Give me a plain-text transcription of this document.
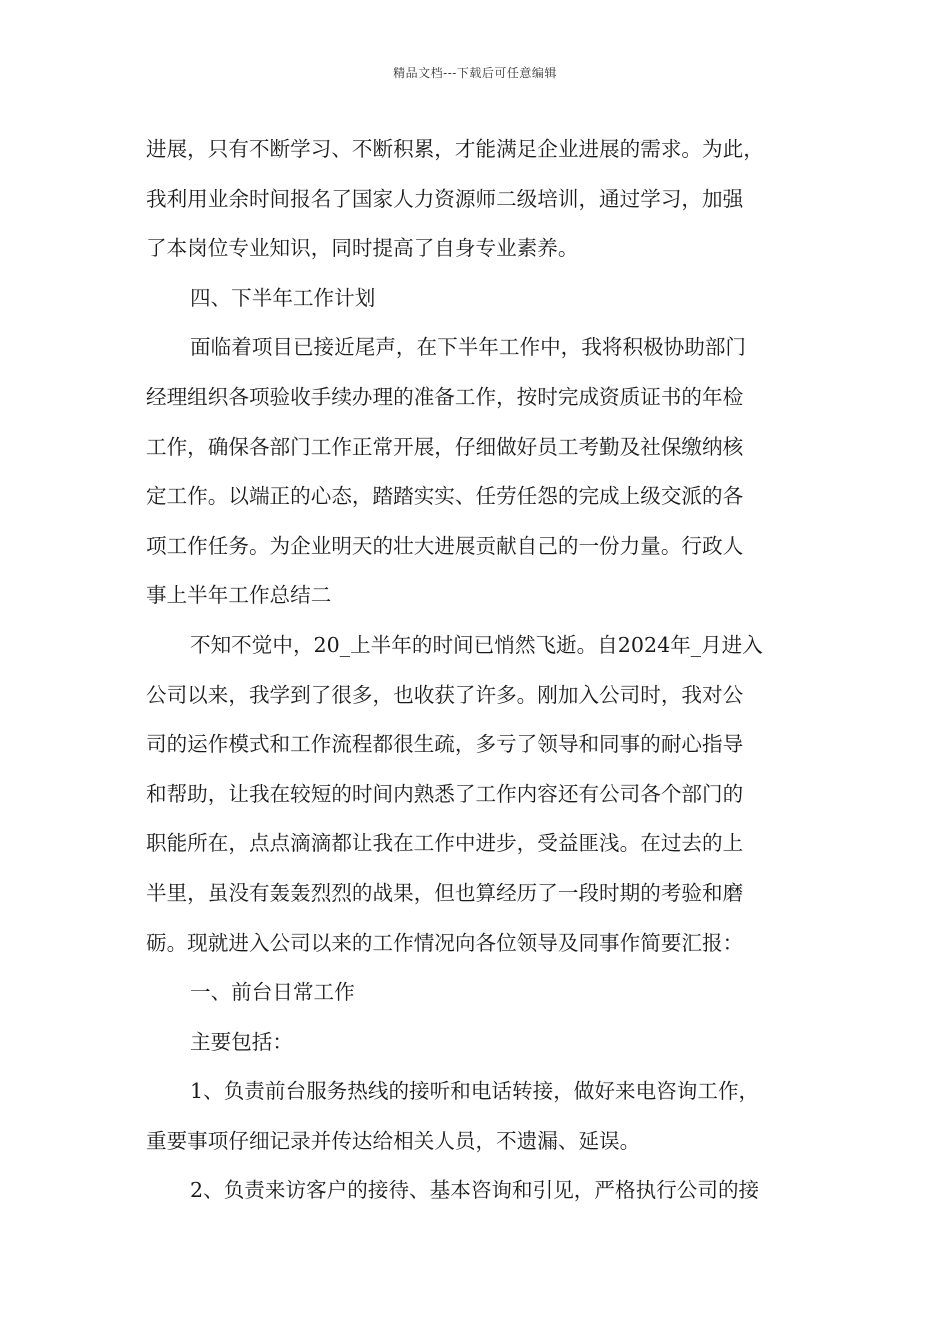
精品文档---下载后可任意编辑
进展，只有不断学习、不断积累，才能满足企业进展的需求。为此，
我利用业余时间报名了国家人力资源师二级培训，通过学习，加强
了本岗位专业知识，同时提高了自身专业素养。
四、下半年工作计划
面临着项目已接近尾声，在下半年工作中，我将积极协助部门
经理组织各项验收手续办理的准备工作，按时完成资质证书的年检
工作，确保各部门工作正常开展，仔细做好员工考勤及社保缴纳核
定工作。以端正的心态，踏踏实实、任劳任怨的完成上级交派的各
项工作任务。为企业明天的壮大进展贡献自己的一份力量。行政人
事上半年工作总结二
不知不觉中，20_上半年的时间已悄然飞逝。自2024年_月进入
公司以来，我学到了很多，也收获了许多。刚加入公司时，我对公
司的运作模式和工作流程都很生疏，多亏了领导和同事的耐心指导
和帮助，让我在较短的时间内熟悉了工作内容还有公司各个部门的
职能所在，点点滴滴都让我在工作中进步，受益匪浅。在过去的上
半里，虽没有轰轰烈烈的战果，但也算经历了一段时期的考验和磨
砺。现就进入公司以来的工作情况向各位领导及同事作简要汇报：
一、前台日常工作
主要包括：
1、负责前台服务热线的接听和电话转接，做好来电咨询工作，
重要事项仔细记录并传达给相关人员，不遗漏、延误。
2、负责来访客户的接待、基本咨询和引见，严格执行公司的接
